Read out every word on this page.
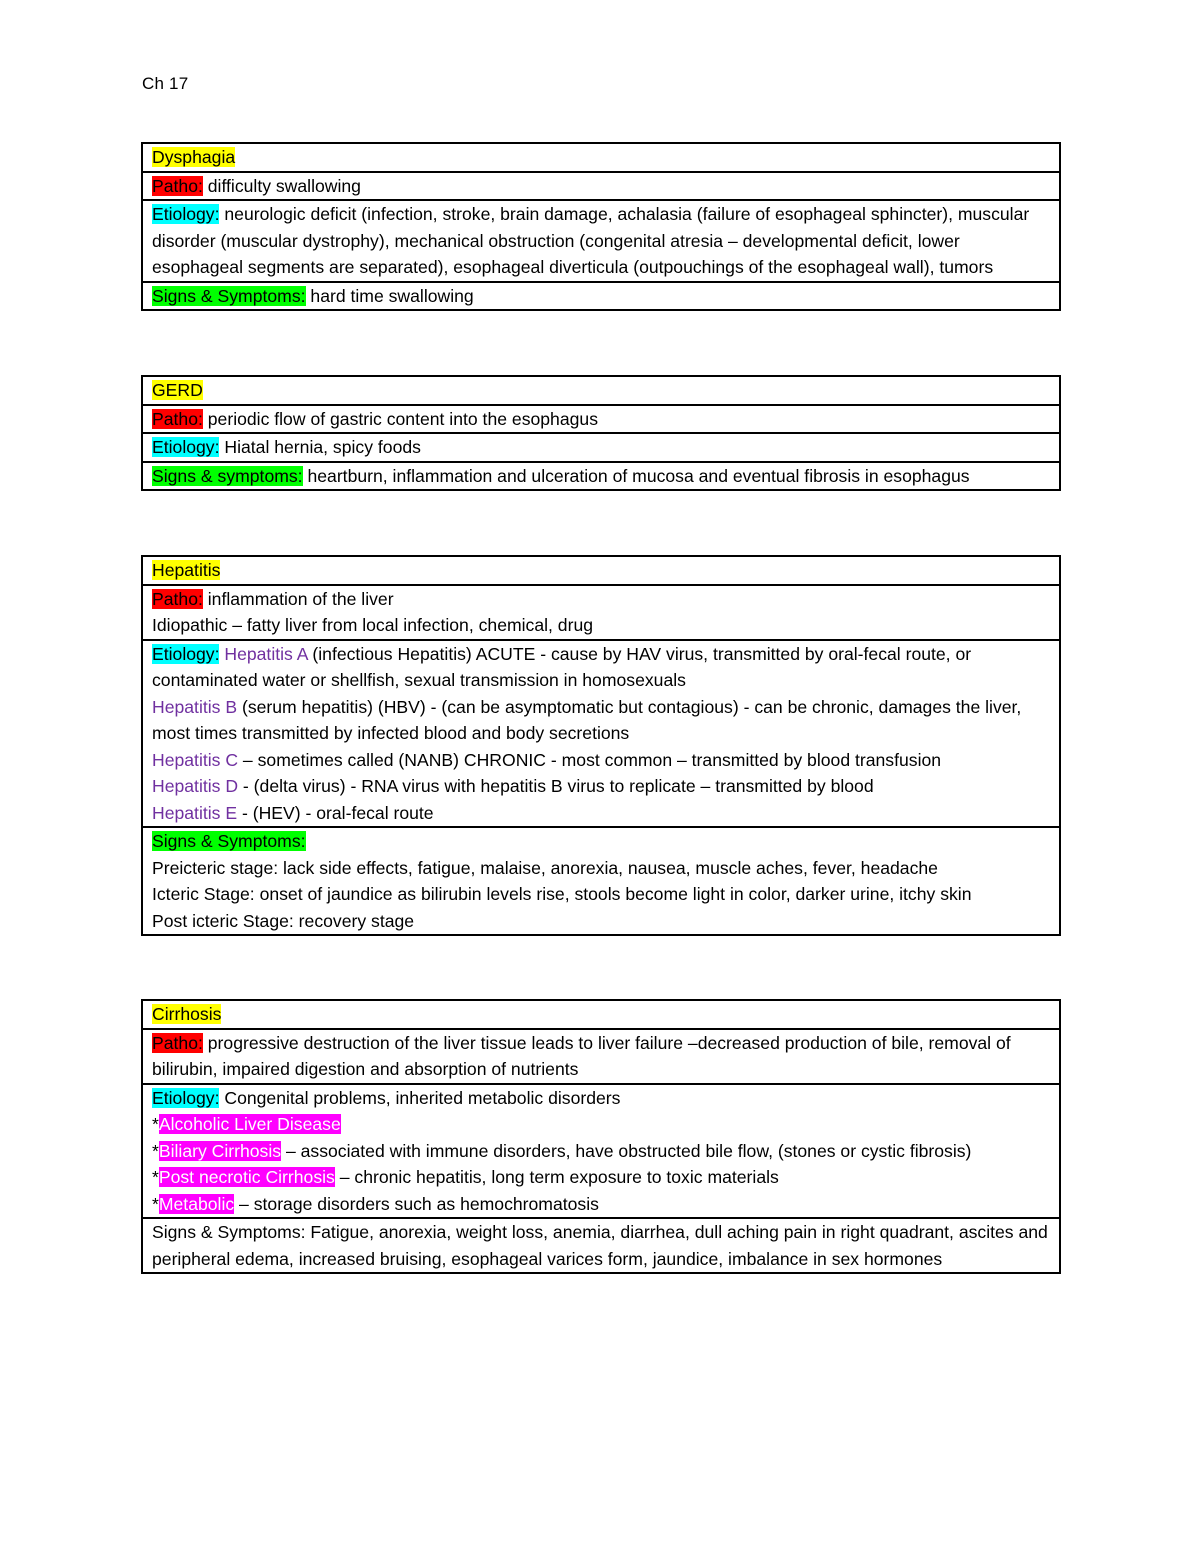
Ch 17
Dysphagia
Patho: difficulty swallowing
Etiology: neurologic deficit (infection, stroke, brain damage, achalasia (failure of esophageal sphincter), muscular disorder (muscular dystrophy), mechanical obstruction (congenital atresia – developmental deficit, lower esophageal segments are separated), esophageal diverticula (outpouchings of the esophageal wall), tumors
Signs & Symptoms: hard time swallowing
GERD
Patho: periodic flow of gastric content into the esophagus
Etiology: Hiatal hernia, spicy foods
Signs & symptoms: heartburn, inflammation and ulceration of mucosa and eventual fibrosis in esophagus
Hepatitis
Patho: inflammation of the liver
Idiopathic – fatty liver from local infection, chemical, drug

Etiology: Hepatitis A (infectious Hepatitis) ACUTE - cause by HAV virus, transmitted by oral-fecal route, or contaminated water or shellfish, sexual transmission in homosexuals
Hepatitis B (serum hepatitis) (HBV) - (can be asymptomatic but contagious) - can be chronic, damages the liver, most times transmitted by infected blood and body secretions
Hepatitis C – sometimes called (NANB) CHRONIC - most common – transmitted by blood transfusion
Hepatitis D - (delta virus) - RNA virus with hepatitis B virus to replicate – transmitted by blood
Hepatitis E - (HEV) - oral-fecal route

Signs & Symptoms:
Preicteric stage: lack side effects, fatigue, malaise, anorexia, nausea, muscle aches, fever, headache
Icteric Stage: onset of jaundice as bilirubin levels rise, stools become light in color, darker urine, itchy skin
Post icteric Stage: recovery stage
Cirrhosis
Patho: progressive destruction of the liver tissue leads to liver failure –decreased production of bile, removal of bilirubin, impaired digestion and absorption of nutrients
Etiology: Congenital problems, inherited metabolic disorders
*Alcoholic Liver Disease
*Biliary Cirrhosis – associated with immune disorders, have obstructed bile flow, (stones or cystic fibrosis)
*Post necrotic Cirrhosis – chronic hepatitis, long term exposure to toxic materials
*Metabolic – storage disorders such as hemochromatosis

Signs & Symptoms: Fatigue, anorexia, weight loss, anemia, diarrhea, dull aching pain in right quadrant, ascites and peripheral edema, increased bruising, esophageal varices form, jaundice, imbalance in sex hormones
